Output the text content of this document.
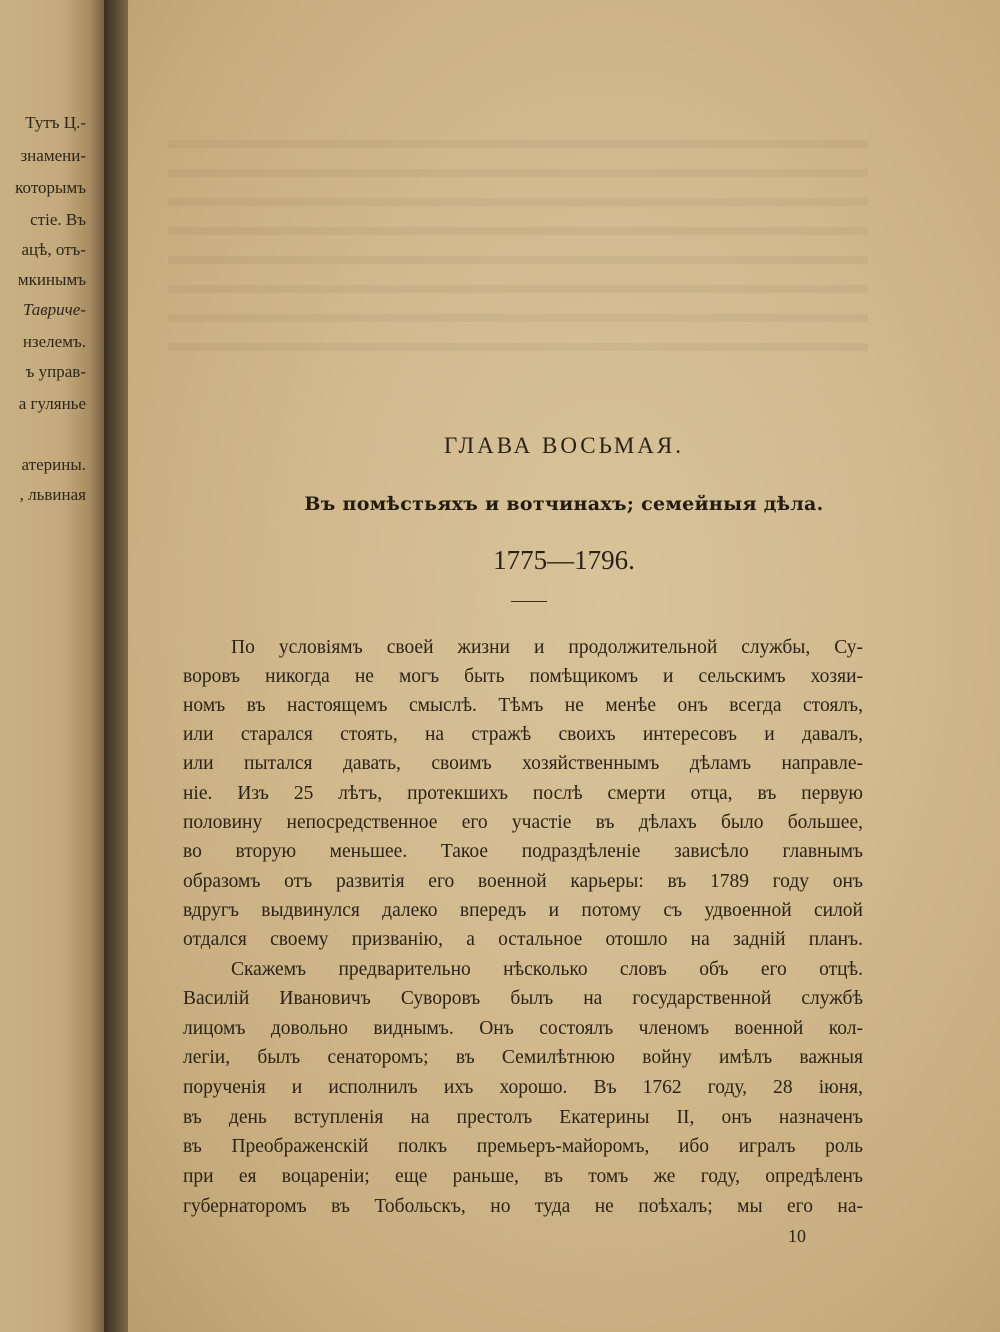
Тутъ Ц.-
знамени-
которымъ
стіе. Въ
ацѣ, отъ-
мкинымъ
Тавричe-
нзелемъ.
ъ управ-
а гулянье
атерины.
, львиная
ГЛАВА ВОСЬМАЯ.
Въ помѣстьяхъ и вотчинахъ; семейныя дѣла.
1775—1796.
По условіямъ своей жизни и продолжительной службы, Су-
воровъ никогда не могъ быть помѣщикомъ и сельскимъ хозяи-
номъ въ настоящемъ смыслѣ. Тѣмъ не менѣе онъ всегда стоялъ,
или старался стоять, на стражѣ своихъ интересовъ и давалъ,
или пытался давать, своимъ хозяйственнымъ дѣламъ направле-
ніе. Изъ 25 лѣтъ, протекшихъ послѣ смерти отца, въ первую
половину непосредственное его участіе въ дѣлахъ было большее,
во вторую меньшее. Такое подраздѣленіе зависѣло главнымъ
образомъ отъ развитія его военной карьеры: въ 1789 году онъ
вдругъ выдвинулся далеко впередъ и потому съ удвоенной силой
отдался своему призванію, а остальное отошло на задній планъ.
Скажемъ предварительно нѣсколько словъ объ его отцѣ.
Василій Ивановичъ Суворовъ былъ на государственной службѣ
лицомъ довольно виднымъ. Онъ состоялъ членомъ военной кол-
легіи, былъ сенаторомъ; въ Семилѣтнюю войну имѣлъ важныя
порученія и исполнилъ ихъ хорошо. Въ 1762 году, 28 іюня,
въ день вступленія на престолъ Екатерины II, онъ назначенъ
въ Преображенскій полкъ премьеръ-майоромъ, ибо игралъ роль
при ея воцареніи; еще раньше, въ томъ же году, опредѣленъ
губернаторомъ въ Тобольскъ, но туда не поѣхалъ; мы его на-
10
